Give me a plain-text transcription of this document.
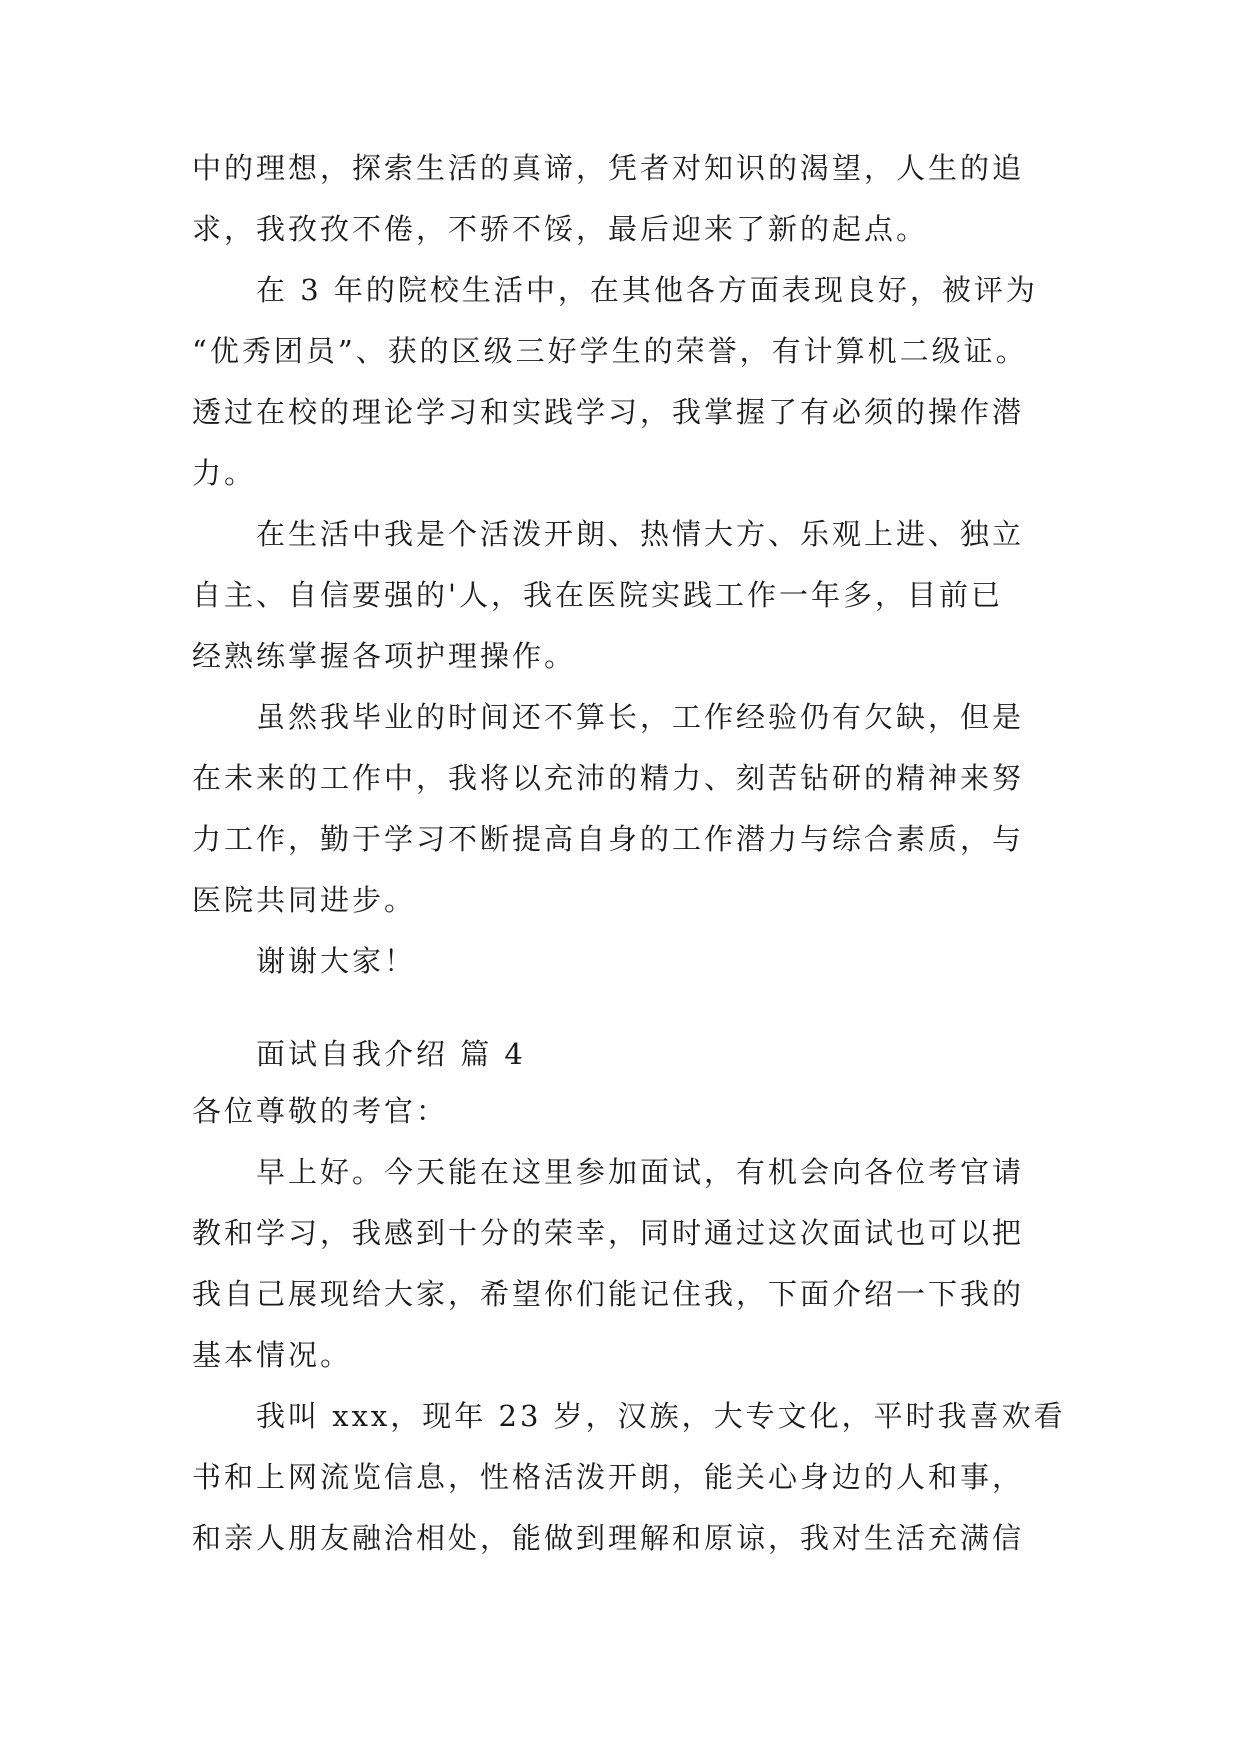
中的理想，探索生活的真谛，凭者对知识的渴望，人生的追
求，我孜孜不倦，不骄不馁，最后迎来了新的起点。
在 3 年的院校生活中，在其他各方面表现良好，被评为
“优秀团员”、获的区级三好学生的荣誉，有计算机二级证。
透过在校的理论学习和实践学习，我掌握了有必须的操作潜
力。
在生活中我是个活泼开朗、热情大方、乐观上进、独立
自主、自信要强的'人，我在医院实践工作一年多，目前已
经熟练掌握各项护理操作。
虽然我毕业的时间还不算长，工作经验仍有欠缺，但是
在未来的工作中，我将以充沛的精力、刻苦钻研的精神来努
力工作，勤于学习不断提高自身的工作潜力与综合素质，与
医院共同进步。
谢谢大家！
面试自我介绍 篇 4
各位尊敬的考官：
早上好。今天能在这里参加面试，有机会向各位考官请
教和学习，我感到十分的荣幸，同时通过这次面试也可以把
我自己展现给大家，希望你们能记住我，下面介绍一下我的
基本情况。
我叫 xxx，现年 23 岁，汉族，大专文化，平时我喜欢看
书和上网流览信息，性格活泼开朗，能关心身边的人和事，
和亲人朋友融洽相处，能做到理解和原谅，我对生活充满信
